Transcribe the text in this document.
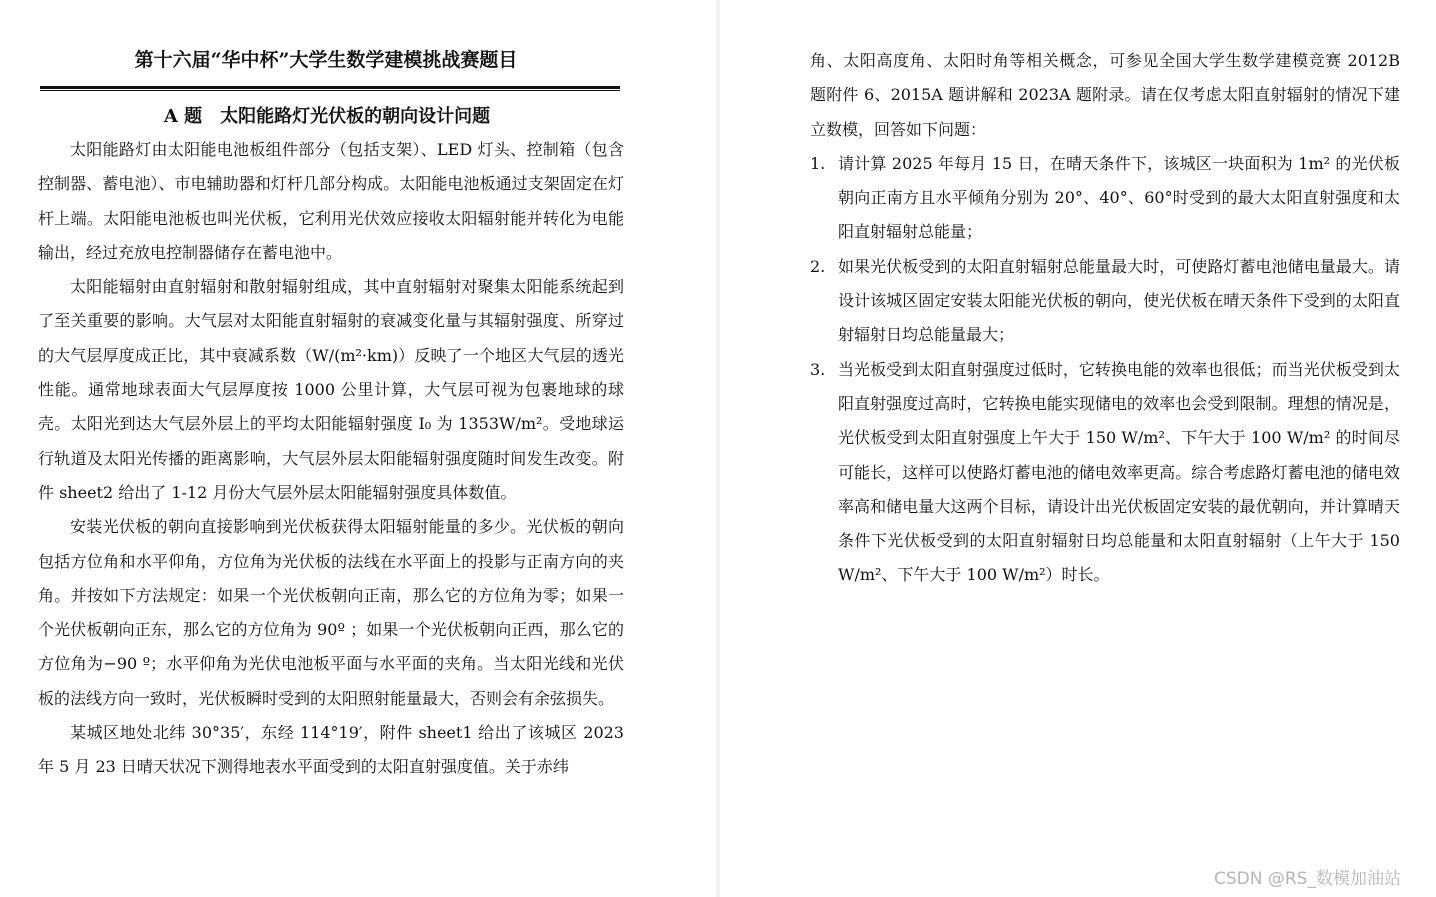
第十六届“华中杯”大学生数学建模挑战赛题目
A 题　太阳能路灯光伏板的朝向设计问题

太阳能路灯由太阳能电池板组件部分（包括支架）、LED 灯头、控制箱（包含控制器、蓄电池）、市电辅助器和灯杆几部分构成。太阳能电池板通过支架固定在灯杆上端。太阳能电池板也叫光伏板，它利用光伏效应接收太阳辐射能并转化为电能输出，经过充放电控制器储存在蓄电池中。

太阳能辐射由直射辐射和散射辐射组成，其中直射辐射对聚集太阳能系统起到了至关重要的影响。大气层对太阳能直射辐射的衰减变化量与其辐射强度、所穿过的大气层厚度成正比，其中衰减系数（W/(m²·km)）反映了一个地区大气层的透光性能。通常地球表面大气层厚度按 1000 公里计算，大气层可视为包裹地球的球壳。太阳光到达大气层外层上的平均太阳能辐射强度 I₀ 为 1353W/m²。受地球运行轨道及太阳光传播的距离影响，大气层外层太阳能辐射强度随时间发生改变。附件 sheet2 给出了 1-12 月份大气层外层太阳能辐射强度具体数值。

安装光伏板的朝向直接影响到光伏板获得太阳辐射能量的多少。光伏板的朝向包括方位角和水平仰角，方位角为光伏板的法线在水平面上的投影与正南方向的夹角。并按如下方法规定：如果一个光伏板朝向正南，那么它的方位角为零；如果一个光伏板朝向正东，那么它的方位角为 90º ；如果一个光伏板朝向正西，那么它的方位角为−90 º；水平仰角为光伏电池板平面与水平面的夹角。当太阳光线和光伏板的法线方向一致时，光伏板瞬时受到的太阳照射能量最大，否则会有余弦损失。

某城区地处北纬 30°35′，东经 114°19′，附件 sheet1 给出了该城区 2023 年 5 月 23 日晴天状况下测得地表水平面受到的太阳直射强度值。关于赤纬

角、太阳高度角、太阳时角等相关概念，可参见全国大学生数学建模竞赛 2012B 题附件 6、2015A 题讲解和 2023A 题附录。请在仅考虑太阳直射辐射的情况下建立数模，回答如下问题：

1. 请计算 2025 年每月 15 日，在晴天条件下，该城区一块面积为 1m² 的光伏板朝向正南方且水平倾角分别为 20°、40°、60°时受到的最大太阳直射强度和太阳直射辐射总能量；
2. 如果光伏板受到的太阳直射辐射总能量最大时，可使路灯蓄电池储电量最大。请设计该城区固定安装太阳能光伏板的朝向，使光伏板在晴天条件下受到的太阳直射辐射日均总能量最大；
3. 当光板受到太阳直射强度过低时，它转换电能的效率也很低；而当光伏板受到太阳直射强度过高时，它转换电能实现储电的效率也会受到限制。理想的情况是，光伏板受到太阳直射强度上午大于 150 W/m²、下午大于 100 W/m² 的时间尽可能长，这样可以使路灯蓄电池的储电效率更高。综合考虑路灯蓄电池的储电效率高和储电量大这两个目标，请设计出光伏板固定安装的最优朝向，并计算晴天条件下光伏板受到的太阳直射辐射日均总能量和太阳直射辐射（上午大于 150 W/m²、下午大于 100 W/m²）时长。
CSDN @RS_数模加油站
